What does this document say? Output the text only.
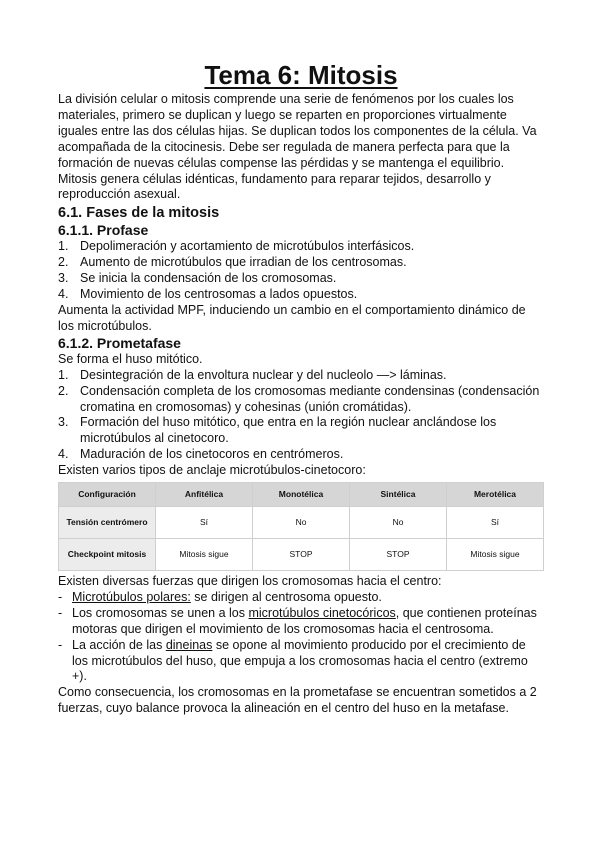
Tema 6: Mitosis

La división celular o mitosis comprende una serie de fenómenos por los cuales los materiales, primero se duplican y luego se reparten en proporciones virtualmente iguales entre las dos células hijas. Se duplican todos los componentes de la célula. Va acompañada de la citocinesis. Debe ser regulada de manera perfecta para que la formación de nuevas células compense las pérdidas y se mantenga el equilibrio. Mitosis genera células idénticas, fundamento para reparar tejidos, desarrollo y reproducción asexual.

6.1. Fases de la mitosis
6.1.1. Profase
1. Depolimeración y acortamiento de microtúbulos interfásicos.
2. Aumento de microtúbulos que irradian de los centrosomas.
3. Se inicia la condensación de los cromosomas.
4. Movimiento de los centrosomas a lados opuestos.

Aumenta la actividad MPF, induciendo un cambio en el comportamiento dinámico de los microtúbulos.

6.1.2. Prometafase

Se forma el huso mitótico.

1. Desintegración de la envoltura nuclear y del nucleolo —> láminas.
2. Condensación completa de los cromosomas mediante condensinas (condensación cromatina en cromosomas) y cohesinas (unión cromátidas).
3. Formación del huso mitótico, que entra en la región nuclear anclándose los microtúbulos al cinetocoro.
4. Maduración de los cinetocoros en centrómeros.

Existen varios tipos de anclaje microtúbulos-cinetocoro:

Configuración	Anfitélica	Monotélica	Sintélica	Merotélica
Tensión centrómero	Sí	No	No	Sí
Checkpoint mitosis	Mitosis sigue	STOP	STOP	Mitosis sigue

Existen diversas fuerzas que dirigen los cromosomas hacia el centro:

- Microtúbulos polares: se dirigen al centrosoma opuesto.
- Los cromosomas se unen a los microtúbulos cinetocóricos, que contienen proteínas motoras que dirigen el movimiento de los cromosomas hacia el centrosoma.
- La acción de las dineinas se opone al movimiento producido por el crecimiento de los microtúbulos del huso, que empuja a los cromosomas hacia el centro (extremo +).

Como consecuencia, los cromosomas en la prometafase se encuentran sometidos a 2 fuerzas, cuyo balance provoca la alineación en el centro del huso en la metafase.
